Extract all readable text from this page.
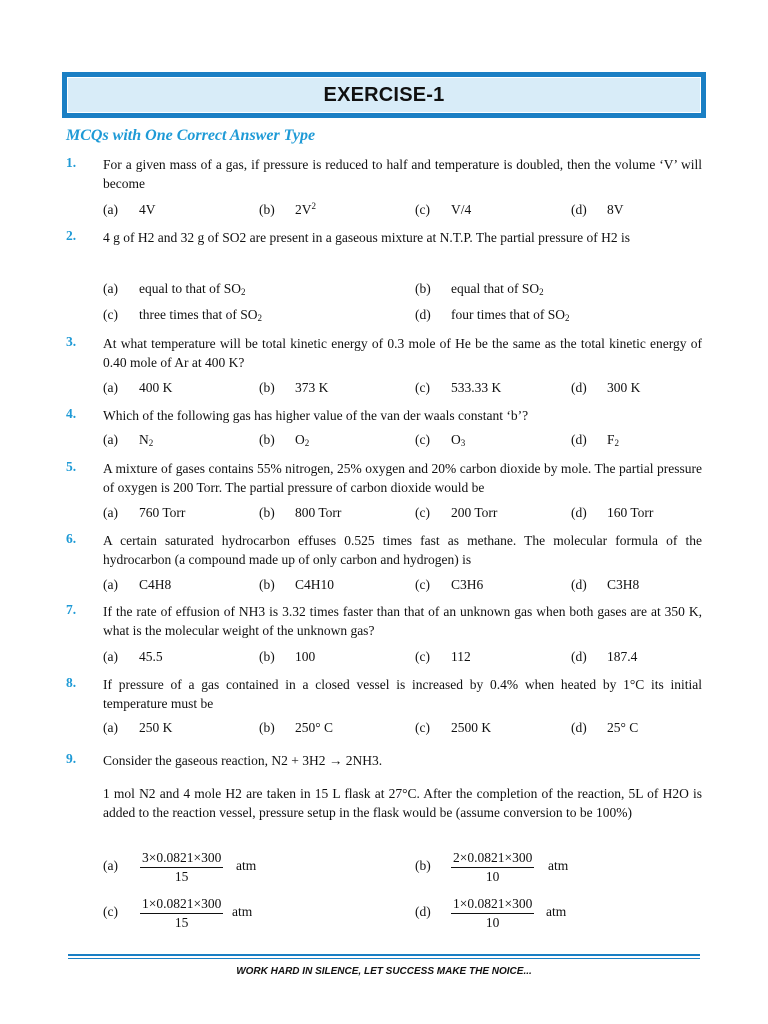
EXERCISE-1
MCQs with One Correct Answer Type
1. For a given mass of a gas, if pressure is reduced to half and temperature is doubled, then the volume ‘V’ will become
(a) 4V	(b) $2V^2$	(c) V/4	(d) 8V
2. 4 g of H2 and 32 g of SO2 are present in a gaseous mixture at N.T.P. The partial pressure of H2 is
(a) equal to that of $SO_2$	(b) equal that of $SO_2$
(c) three times that of $SO_2$	(d) four times that of $SO_2$
3. At what temperature will be total kinetic energy of 0.3 mole of He be the same as the total kinetic energy of 0.40 mole of Ar at 400 K?
(a) 400 K	(b) 373 K	(c) 533.33 K	(d) 300 K
4. Which of the following gas has higher value of the van der waals constant ‘b’?
(a) $N_2$	(b) $O_2$	(c) $O_3$	(d) $F_2$
5. A mixture of gases contains 55% nitrogen, 25% oxygen and 20% carbon dioxide by mole. The partial pressure of oxygen is 200 Torr. The partial pressure of carbon dioxide would be
(a) 760 Torr	(b) 800 Torr	(c) 200 Torr	(d) 160 Torr
6. A certain saturated hydrocarbon effuses 0.525 times fast as methane. The molecular formula of the hydrocarbon (a compound made up of only carbon and hydrogen) is
(a) C4H8	(b) C4H10	(c) C3H6	(d) C3H8
7. If the rate of effusion of NH3 is 3.32 times faster than that of an unknown gas when both gases are at 350 K, what is the molecular weight of the unknown gas?
(a) 45.5	(b) 100	(c) 112	(d) 187.4
8. If pressure of a gas contained in a closed vessel is increased by 0.4% when heated by 1°C its initial temperature must be
(a) 250 K	(b) 250° C	(c) 2500 K	(d) 25° C
9. Consider the gaseous reaction, N2 + 3H2 → 2NH3.
1 mol N2 and 4 mole H2 are taken in 15 L flask at 27°C. After the completion of the reaction, 5L of H2O is added to the reaction vessel, pressure setup in the flask would be (assume conversion to be 100%)
$(a) \frac{3\times 0.0821\times 300}{15}$ atm	$(b) \frac{2\times 0.0821\times 300}{10}$ atm
$(c) \frac{1\times 0.0821\times 300}{15}$ atm	$(d) \frac{1\times 0.0821\times 300}{10}$ atm
WORK HARD IN SILENCE, LET SUCCESS MAKE THE NOICE...
